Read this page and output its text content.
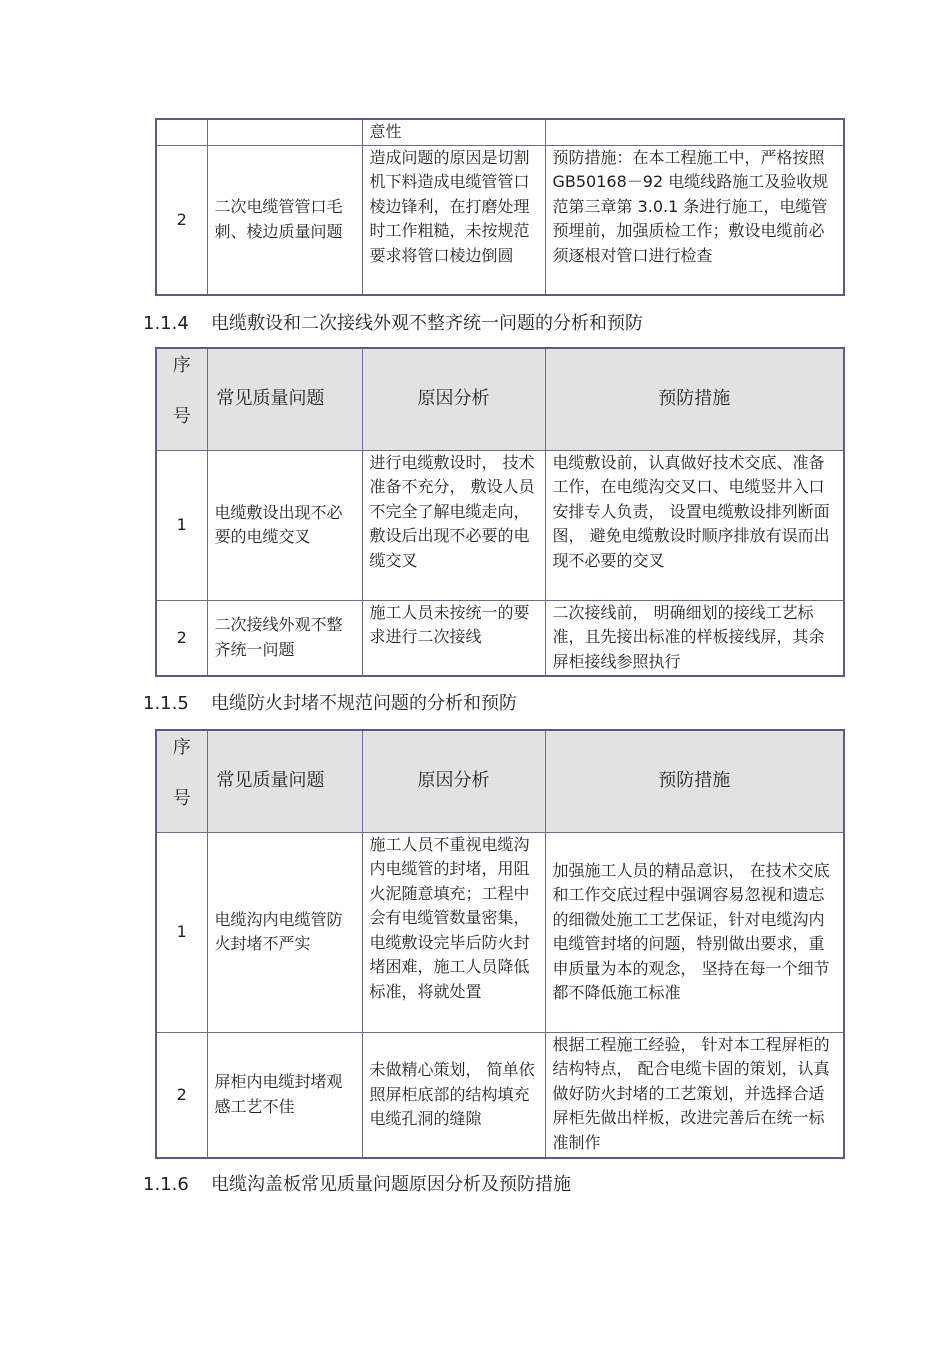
		意性	
2	二次电缆管管口毛刺、棱边质量问题	造成问题的原因是切割机下料造成电缆管管口棱边锋利，在打磨处理时工作粗糙，未按规范要求将管口棱边倒圆	预防措施：在本工程施工中，严格按照 GB50168－92 电缆线路施工及验收规范第三章第 3.0.1 条进行施工，电缆管预埋前，加强质检工作；敷设电缆前必须逐根对管口进行检查
1.1.4 电缆敷设和二次接线外观不整齐统一问题的分析和预防
序
号	常见质量问题	原因分析	预防措施
1	电缆敷设出现不必要的电缆交叉	进行电缆敷设时， 技术准备不充分， 敷设人员不完全了解电缆走向，敷设后出现不必要的电缆交叉	电缆敷设前，认真做好技术交底、准备工作，在电缆沟交叉口、电缆竖井入口安排专人负责， 设置电缆敷设排列断面图， 避免电缆敷设时顺序排放有误而出现不必要的交叉
2	二次接线外观不整齐统一问题	施工人员未按统一的要求进行二次接线	二次接线前， 明确细划的接线工艺标准，且先接出标准的样板接线屏，其余屏柜接线参照执行
1.1.5 电缆防火封堵不规范问题的分析和预防
序
号	常见质量问题	原因分析	预防措施
1	电缆沟内电缆管防火封堵不严实	施工人员不重视电缆沟内电缆管的封堵，用阻火泥随意填充；工程中会有电缆管数量密集， 电缆敷设完毕后防火封堵困难，施工人员降低标准，将就处置	加强施工人员的精品意识， 在技术交底和工作交底过程中强调容易忽视和遗忘的细微处施工工艺保证，针对电缆沟内电缆管封堵的问题，特别做出要求，重申质量为本的观念， 坚持在每一个细节都不降低施工标准
2	屏柜内电缆封堵观感工艺不佳	未做精心策划， 简单依照屏柜底部的结构填充电缆孔洞的缝隙	根据工程施工经验， 针对本工程屏柜的结构特点， 配合电缆卡固的策划，认真做好防火封堵的工艺策划，并选择合适屏柜先做出样板，改进完善后在统一标准制作
1.1.6 电缆沟盖板常见质量问题原因分析及预防措施
